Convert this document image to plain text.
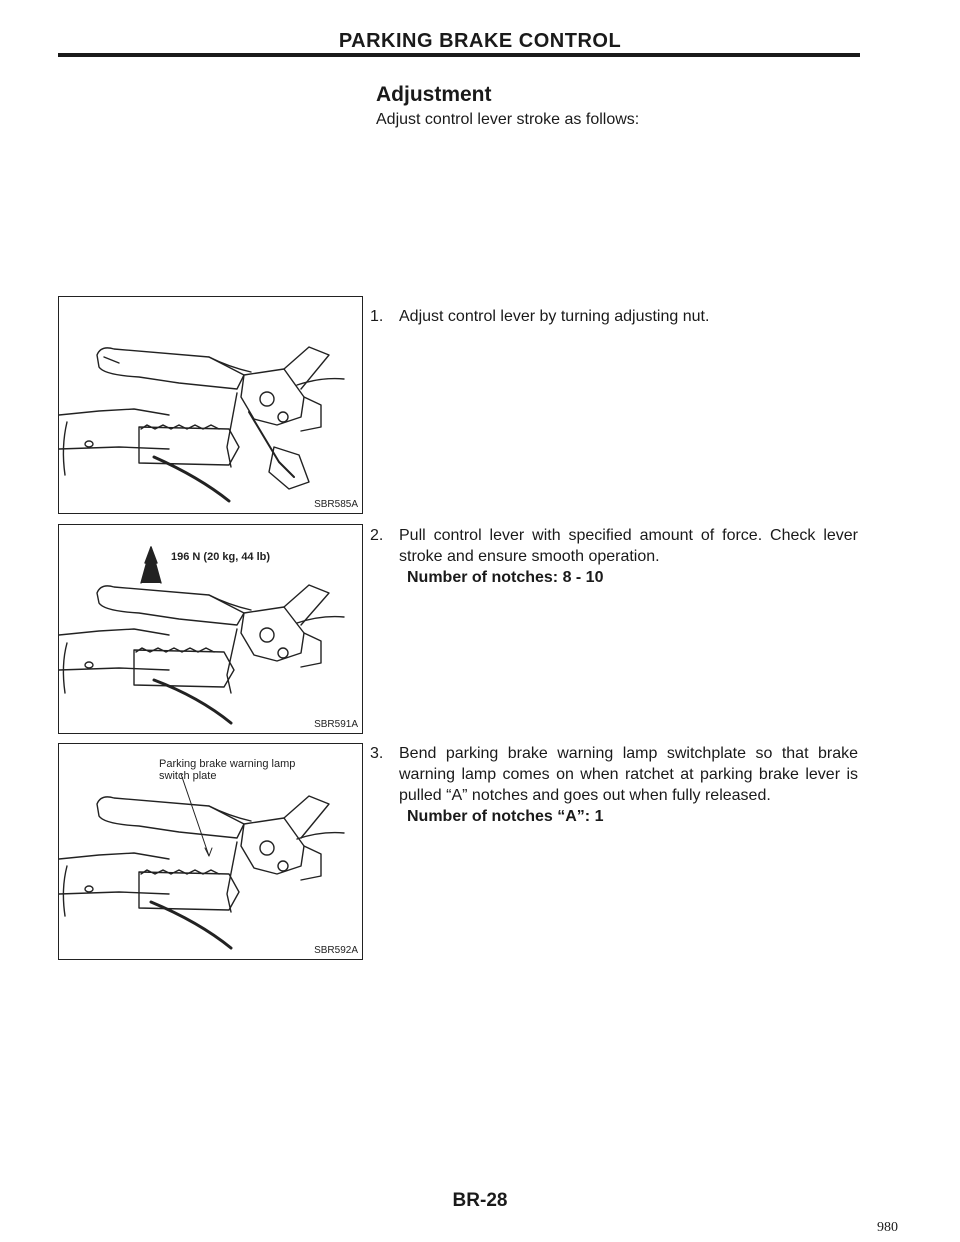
PARKING BRAKE CONTROL
Adjustment
Adjust control lever stroke as follows:
1. Adjust control lever by turning adjusting nut.
2. Pull control lever with specified amount of force. Check lever stroke and ensure smooth operation.
Number of notches: 8 - 10
3. Bend parking brake warning lamp switchplate so that brake warning lamp comes on when ratchet at parking brake lever is pulled “A” notches and goes out when fully released.
Number of notches “A”: 1
SBR585A
196 N (20 kg, 44 lb)
SBR591A
Parking brake warning lamp
switch plate
SBR592A
BR-28
980
